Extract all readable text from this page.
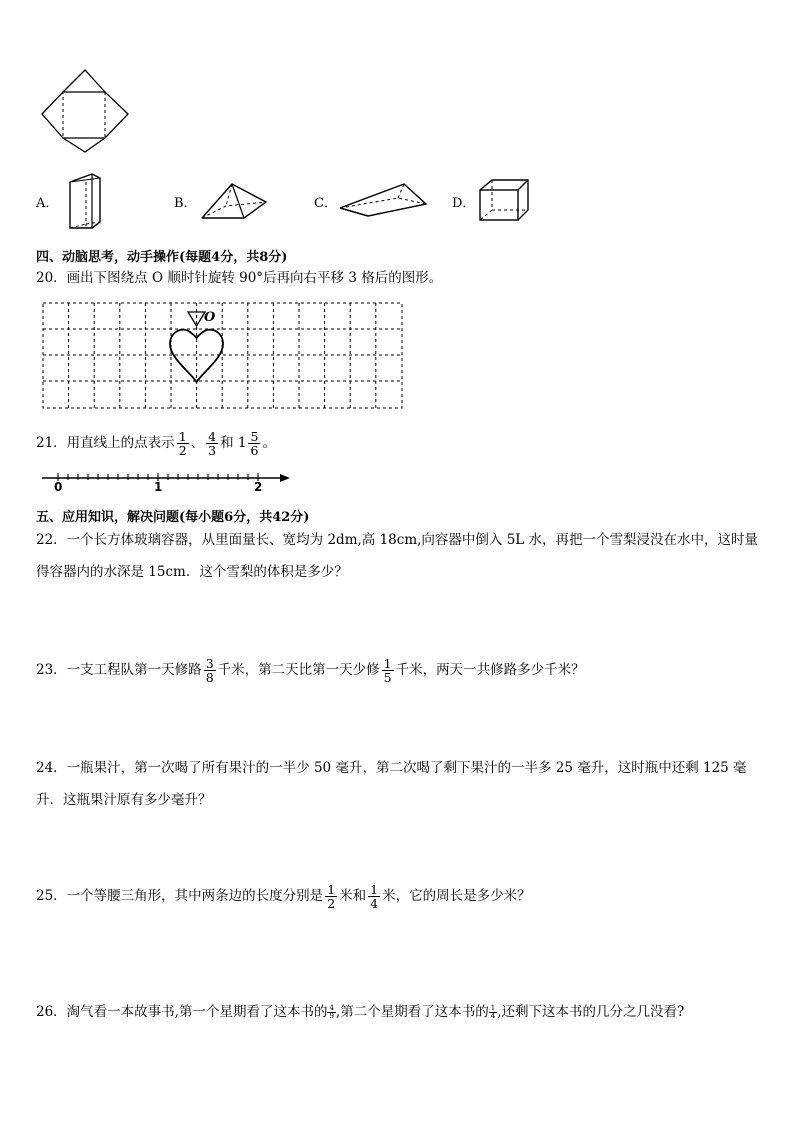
A．	B．	C．	D．
四、动脑思考，动手操作(每题4分，共8分)
20．画出下图绕点 O 顺时针旋转 90°后再向右平移 3 格后的图形。
O
21．用直线上的点表示 $\frac{1}{2}$ 、 $\frac{4}{3}$ 和 $1 \frac{5}{6}$ 。
0	1	2
五、应用知识，解决问题(每小题6分，共42分)
22．一个长方体玻璃容器，从里面量长、宽均为 2dm,高 18cm,向容器中倒入 5L 水，再把一个雪梨浸没在水中，这时量
得容器内的水深是 15cm．这个雪梨的体积是多少？
23．一支工程队第一天修路 $\frac{3}{8}$ 千米，第二天比第一天少修 $\frac{1}{5}$ 千米，两天一共修路多少千米？
24．一瓶果汁，第一次喝了所有果汁的一半少 50 毫升，第二次喝了剩下果汁的一半多 25 毫升，这时瓶中还剩 125 毫
升．这瓶果汁原有多少毫升？
25．一个等腰三角形，其中两条边的长度分别是 $\frac{1}{2}$ 米和 $\frac{1}{4}$ 米，它的周长是多少米？
26．淘气看一本故事书,第一个星期看了这本书的 $\frac{4}{9}$ ,第二个星期看了这本书的 $\frac{1}{4}$ ,还剩下这本书的几分之几没看?
